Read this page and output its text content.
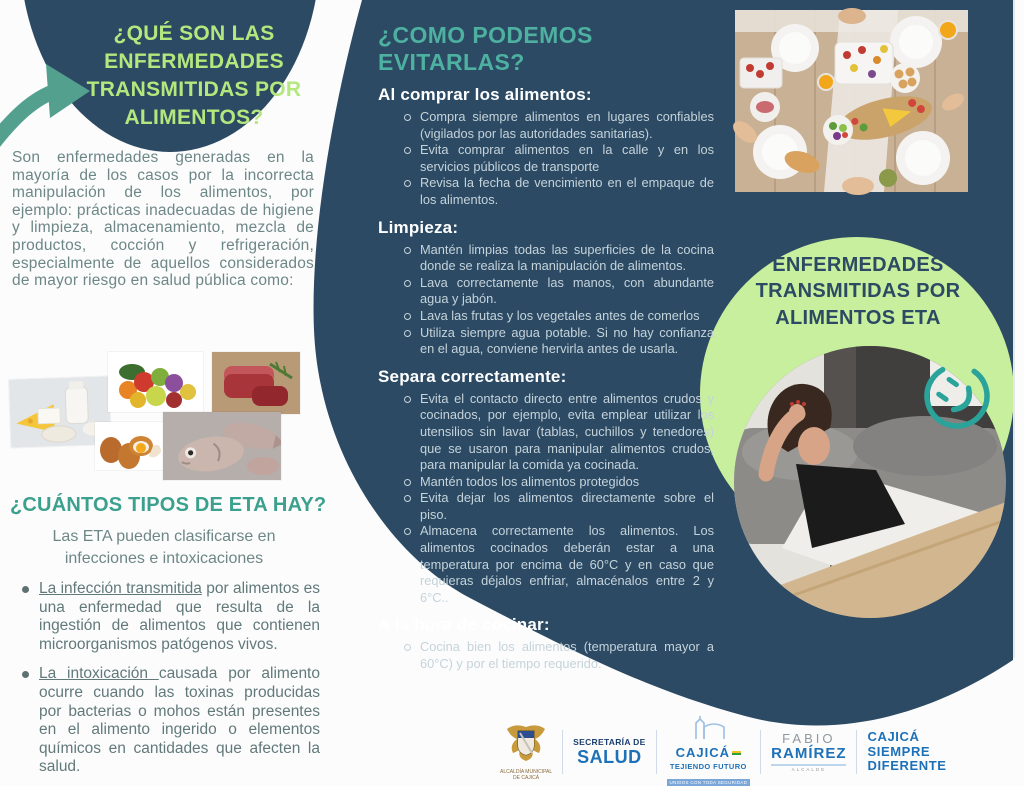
¿QUÉ SON LAS ENFERMEDADES TRANSMITIDAS POR ALIMENTOS?
Son enfermedades generadas en la mayoría de los casos por la incorrecta manipulación de los alimentos, por ejemplo: prácticas inadecuadas de higiene y limpieza, almacenamiento, mezcla de productos, cocción y refrigeración, especialmente de aquellos considerados de mayor riesgo en salud pública como:
¿CUÁNTOS TIPOS DE ETA HAY?
Las ETA pueden clasificarse en infecciones e intoxicaciones
La infección transmitida por alimentos es una enfermedad que resulta de la ingestión de alimentos que contienen microorganismos patógenos vivos.
La intoxicación causada por alimento ocurre cuando las toxinas producidas por bacterias o mohos están presentes en el alimento ingerido o elementos químicos en cantidades que afecten la salud.
¿COMO PODEMOS EVITARLAS?
Al comprar los alimentos:
Compra siempre alimentos en lugares confiables (vigilados por las autoridades sanitarias).
Evita comprar alimentos en la calle y en los servicios públicos de transporte
Revisa la fecha de vencimiento en el empaque de los alimentos.
Limpieza:
Mantén limpias todas las superficies de la cocina donde se realiza la manipulación de alimentos.
Lava correctamente las manos, con abundante agua y jabón.
Lava las frutas y los vegetales antes de comerlos
Utiliza siempre agua potable. Si no hay confianza en el agua, conviene hervirla antes de usarla.
Separa correctamente:
Evita el contacto directo entre alimentos crudos y cocinados, por ejemplo, evita emplear utilizar los utensilios sin lavar (tablas, cuchillos y tenedores) que se usaron para manipular alimentos crudos, para manipular la comida ya cocinada.
Mantén todos los alimentos protegidos
Evita dejar los alimentos directamente sobre el piso.
Almacena correctamente los alimentos. Los alimentos cocinados deberán estar a una temperatura por encima de 60°C y en caso que requieras déjalos enfriar, almacénalos entre 2 y 6°C..
A la hora de cocinar:
Cocina bien los alimentos (temperatura mayor a 60°C) y por el tiempo requerido.
ENFERMEDADES TRANSMITIDAS POR ALIMENTOS ETA
ALCALDÍA MUNICIPAL
DE CAJICÁ
SECRETARÍA DE
SALUD	CAJICÁ
TEJIENDO FUTURO
UNIDOS CON TODA SEGURIDAD
FABIO
RAMÍREZ
ALCALDE
CAJICÁ
SIEMPRE
DIFERENTE
